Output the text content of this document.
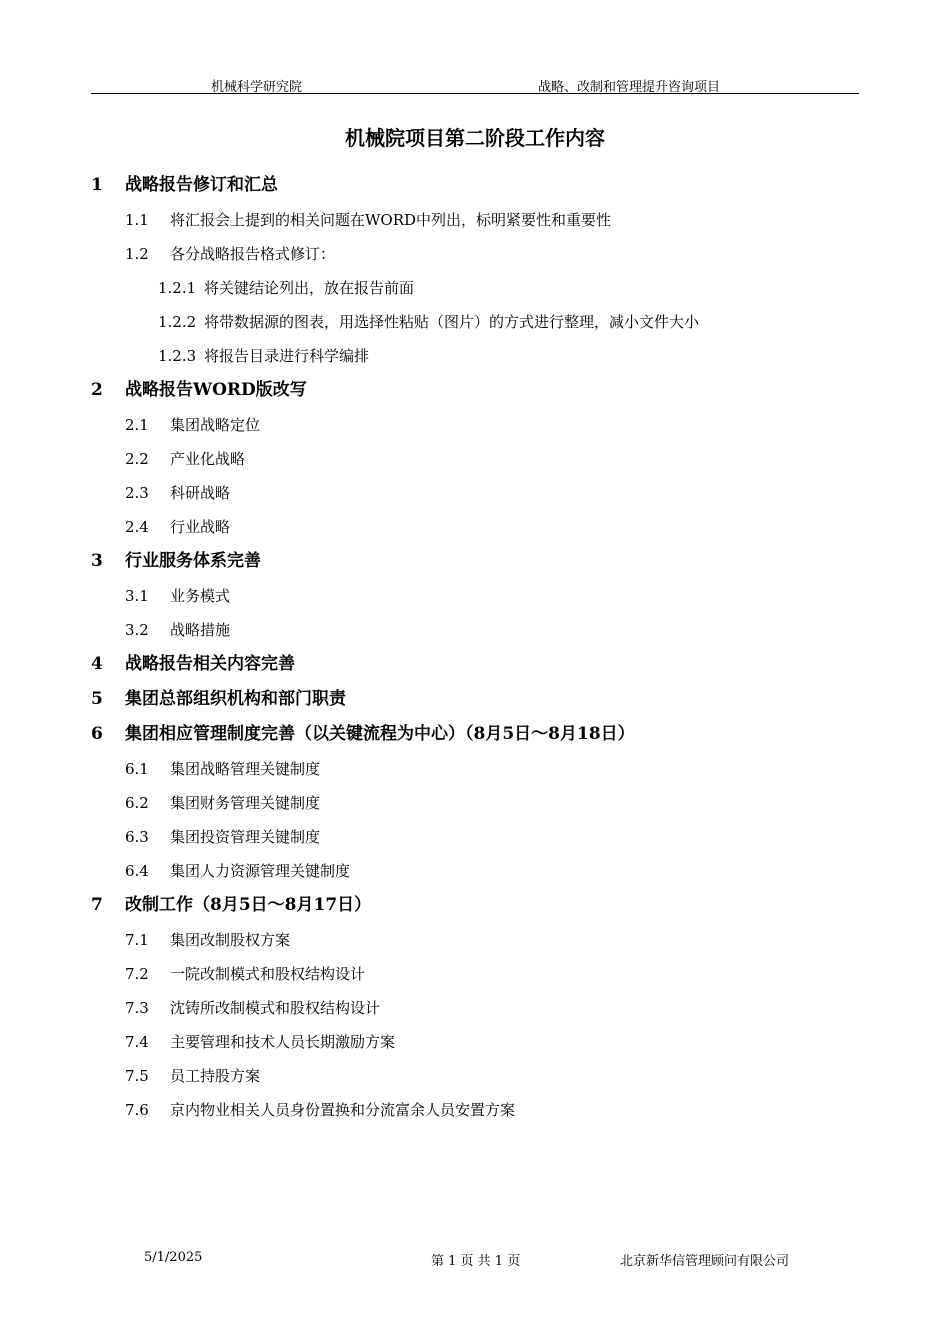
机械科学研究院	战略、改制和管理提升咨询项目
机械院项目第二阶段工作内容
1 战略报告修订和汇总
1.1 将汇报会上提到的相关问题在WORD中列出，标明紧要性和重要性
1.2 各分战略报告格式修订：
1.2.1 将关键结论列出，放在报告前面
1.2.2 将带数据源的图表，用选择性粘贴（图片）的方式进行整理，减小文件大小
1.2.3 将报告目录进行科学编排
2 战略报告WORD版改写
2.1 集团战略定位
2.2 产业化战略
2.3 科研战略
2.4 行业战略
3 行业服务体系完善
3.1 业务模式
3.2 战略措施
4 战略报告相关内容完善
5 集团总部组织机构和部门职责
6 集团相应管理制度完善（以关键流程为中心）（8月5日～8月18日）
6.1 集团战略管理关键制度
6.2 集团财务管理关键制度
6.3 集团投资管理关键制度
6.4 集团人力资源管理关键制度
7 改制工作（8月5日～8月17日）
7.1 集团改制股权方案
7.2 一院改制模式和股权结构设计
7.3 沈铸所改制模式和股权结构设计
7.4 主要管理和技术人员长期激励方案
7.5 员工持股方案
7.6 京内物业相关人员身份置换和分流富余人员安置方案
5/1/2025	第 1 页 共 1 页	北京新华信管理顾问有限公司
